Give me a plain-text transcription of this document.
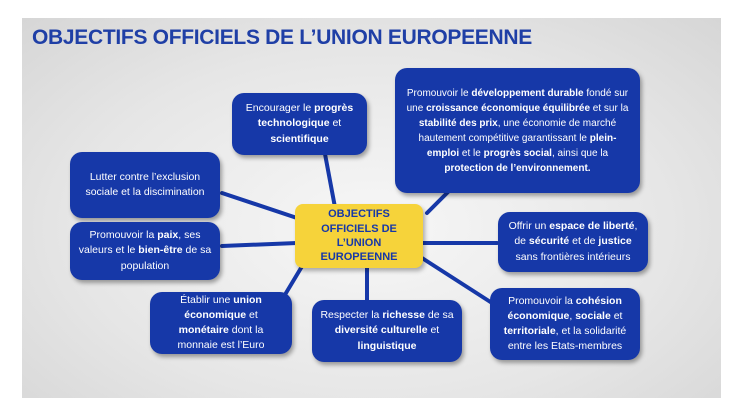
OBJECTIFS OFFICIELS DE L’UNION EUROPEENNE
Encourager le progrès technologique et scientifique
Promouvoir le développement durable fondé sur une croissance économique équilibrée et sur la stabilité des prix, une économie de marché hautement compétitive garantissant le plein-emploi et le progrès social, ainsi que la protection de l’environnement.
Lutter contre l’exclusion sociale et la discimination
Promouvoir la paix, ses valeurs et le bien-être de sa population
Offrir un espace de liberté, de sécurité et de justice sans frontières intérieurs
Établir une union économique et monétaire dont la monnaie est l’Euro
Respecter la richesse de sa diversité culturelle et linguistique
Promouvoir la cohésion économique, sociale et territoriale, et la solidarité entre les Etats-membres
OBJECTIFS
OFFICIELS DE
L’UNION
EUROPEENNE
